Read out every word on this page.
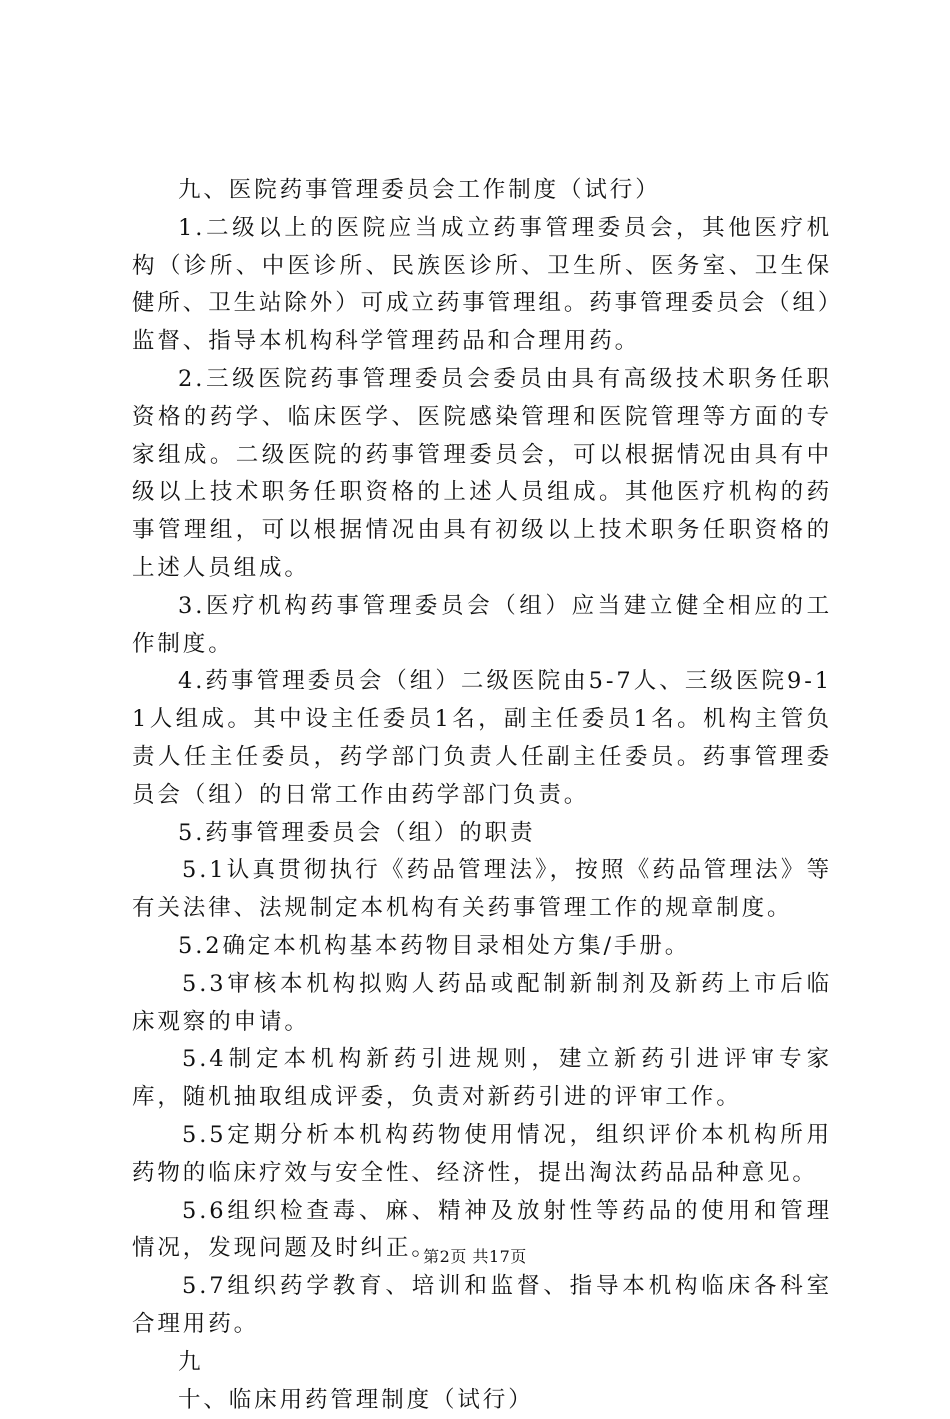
九、医院药事管理委员会工作制度（试行）

1.二级以上的医院应当成立药事管理委员会，其他医疗机构（诊所、中医诊所、民族医诊所、卫生所、医务室、卫生保健所、卫生站除外）可成立药事管理组。药事管理委员会（组）监督、指导本机构科学管理药品和合理用药。

2.三级医院药事管理委员会委员由具有高级技术职务任职资格的药学、临床医学、医院感染管理和医院管理等方面的专家组成。二级医院的药事管理委员会，可以根据情况由具有中级以上技术职务任职资格的上述人员组成。其他医疗机构的药事管理组，可以根据情况由具有初级以上技术职务任职资格的上述人员组成。

3.医疗机构药事管理委员会（组）应当建立健全相应的工作制度。

4.药事管理委员会（组）二级医院由5-7人、三级医院9-11人组成。其中设主任委员1名，副主任委员1名。机构主管负责人任主任委员，药学部门负责人任副主任委员。药事管理委员会（组）的日常工作由药学部门负责。

5.药事管理委员会（组）的职责

5.1认真贯彻执行《药品管理法》，按照《药品管理法》等有关法律、法规制定本机构有关药事管理工作的规章制度。

5.2确定本机构基本药物目录相处方集/手册。

5.3审核本机构拟购人药品或配制新制剂及新药上市后临床观察的申请。

5.4制定本机构新药引进规则，建立新药引进评审专家库，随机抽取组成评委，负责对新药引进的评审工作。

5.5定期分析本机构药物使用情况，组织评价本机构所用药物的临床疗效与安全性、经济性，提出淘汰药品品种意见。

5.6组织检查毒、麻、精神及放射性等药品的使用和管理情况，发现问题及时纠正。

5.7组织药学教育、培训和监督、指导本机构临床各科室合理用药。

九

十、临床用药管理制度（试行）

第2页 共17页
